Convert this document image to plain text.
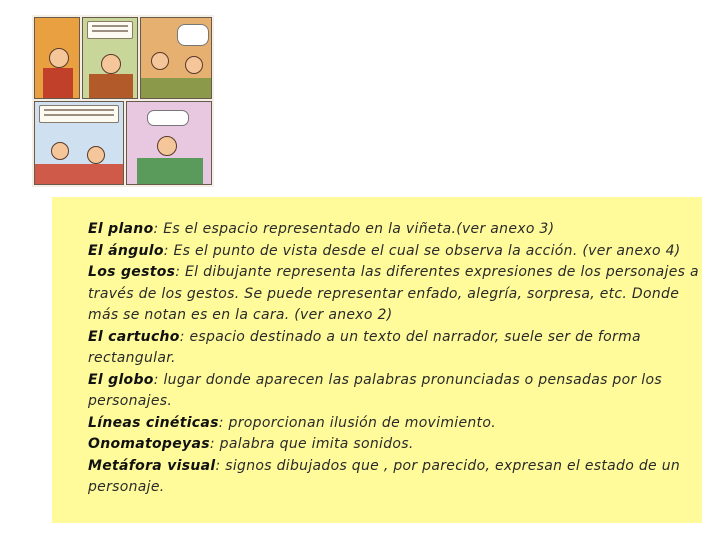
El plano: Es el espacio representado en la viñeta.(ver anexo 3)
El ángulo: Es el punto de vista desde el cual se observa la acción. (ver anexo 4)
Los gestos: El dibujante representa las diferentes expresiones de los personajes a
través de los gestos. Se puede representar enfado, alegría, sorpresa, etc. Donde
más se notan es en la cara. (ver anexo 2)
El cartucho: espacio destinado a un texto del narrador, suele ser de forma
rectangular.
El globo: lugar donde aparecen las palabras pronunciadas o pensadas por los
personajes.
Líneas cinéticas: proporcionan ilusión de movimiento.
Onomatopeyas: palabra que imita sonidos.
Metáfora visual: signos dibujados que , por parecido, expresan el estado de un
personaje.
